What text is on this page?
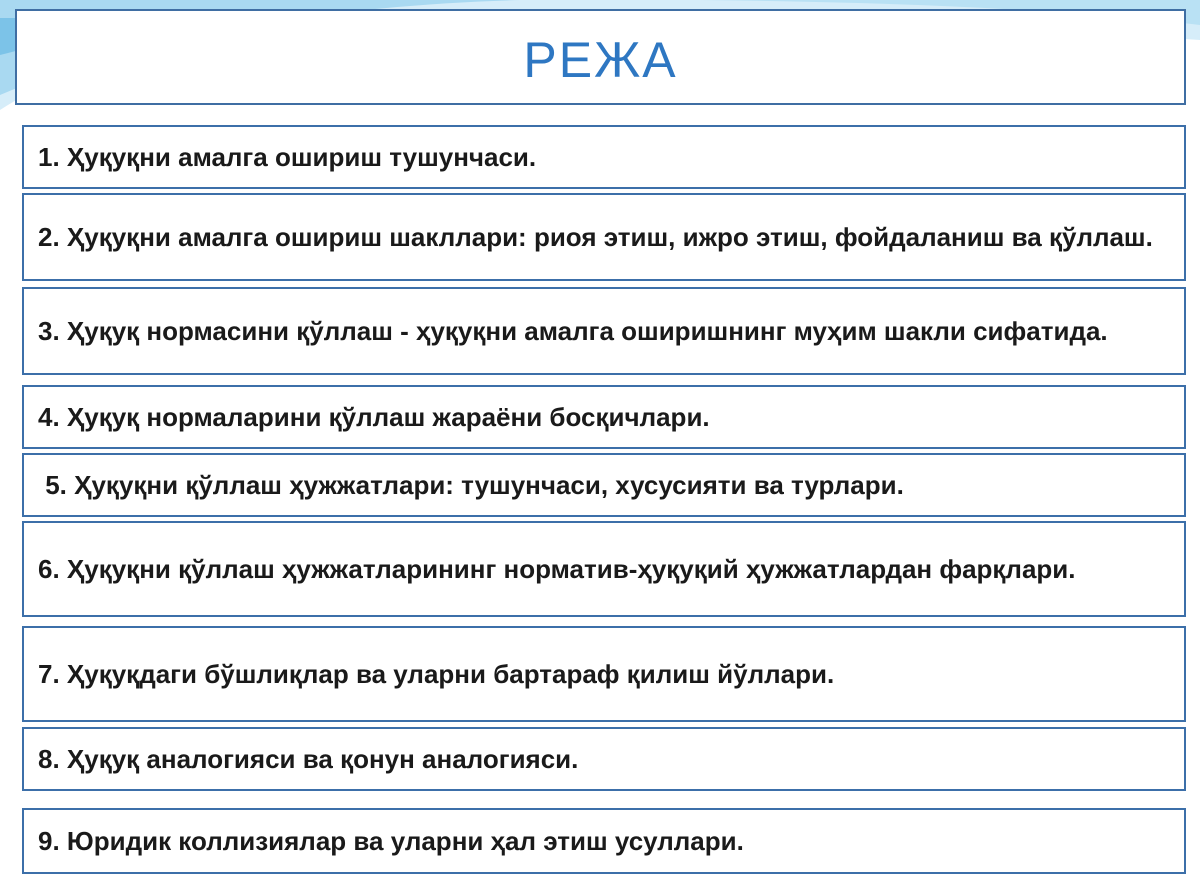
РЕЖА
1. Ҳуқуқни амалга ошириш тушунчаси.
2. Ҳуқуқни амалга ошириш шакллари: риоя этиш, ижро этиш, фойдаланиш ва қўллаш.
3. Ҳуқуқ нормасини қўллаш - ҳуқуқни амалга оширишнинг муҳим шакли сифатида.
4. Ҳуқуқ нормаларини қўллаш жараёни босқичлари.
5. Ҳуқуқни қўллаш ҳужжатлари: тушунчаси, хусусияти ва турлари.
6. Ҳуқуқни қўллаш ҳужжатларининг норматив-ҳуқуқий ҳужжатлардан фарқлари.
7. Ҳуқуқдаги бўшлиқлар ва уларни бартараф қилиш йўллари.
8. Ҳуқуқ аналогияси ва қонун аналогияси.
9. Юридик коллизиялар ва уларни ҳал этиш усуллари.
